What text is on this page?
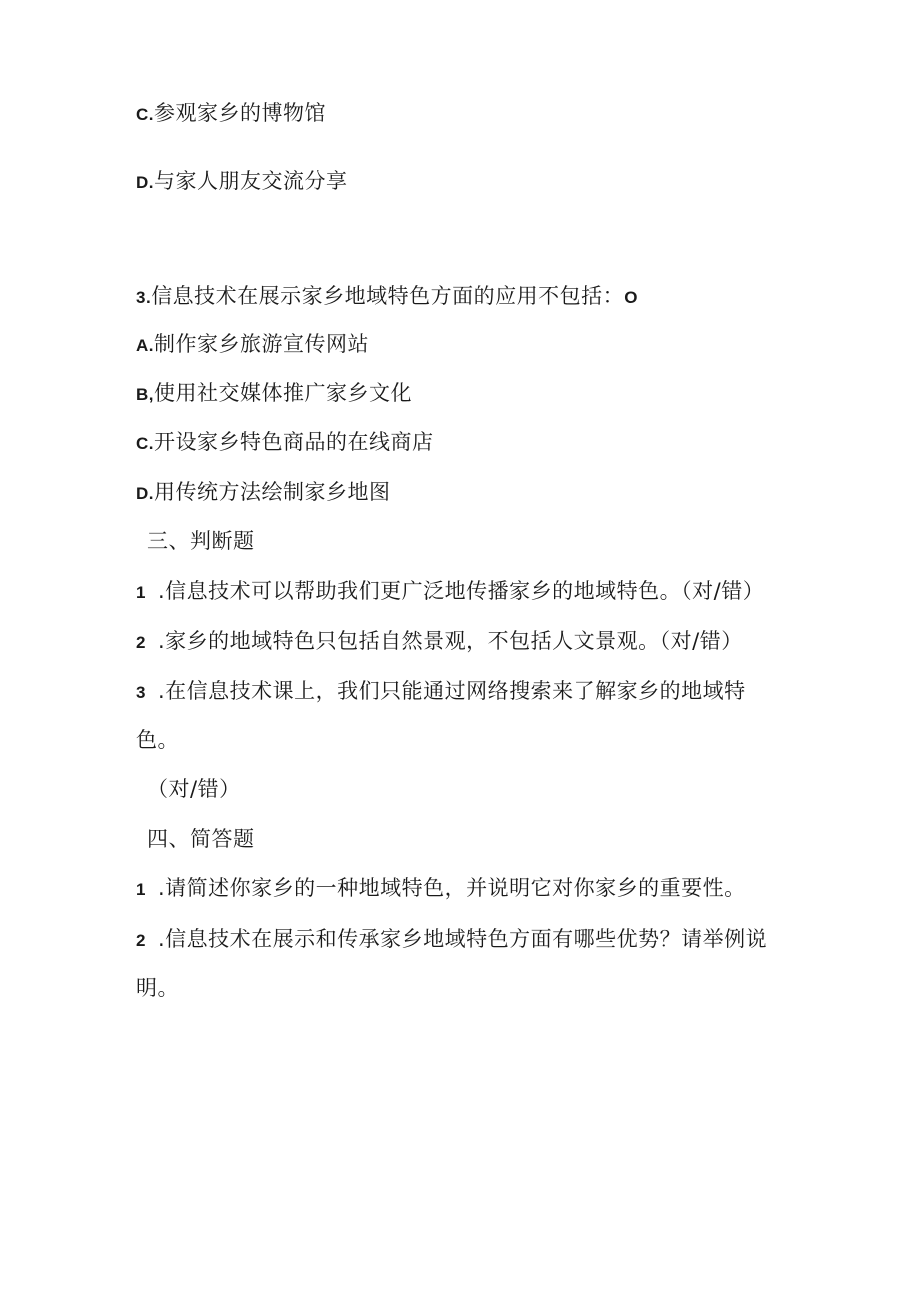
C.参观家乡的博物馆
D.与家人朋友交流分享
3.信息技术在展示家乡地域特色方面的应用不包括：O
A.制作家乡旅游宣传网站
B,使用社交媒体推广家乡文化
C.开设家乡特色商品的在线商店
D.用传统方法绘制家乡地图
三、判断题
1 .信息技术可以帮助我们更广泛地传播家乡的地域特色。（对/错）
2 .家乡的地域特色只包括自然景观，不包括人文景观。（对/错）
3 .在信息技术课上，我们只能通过网络搜索来了解家乡的地域特
色。
（对/错）
四、简答题
1 .请简述你家乡的一种地域特色，并说明它对你家乡的重要性。
2 .信息技术在展示和传承家乡地域特色方面有哪些优势？请举例说
明。
